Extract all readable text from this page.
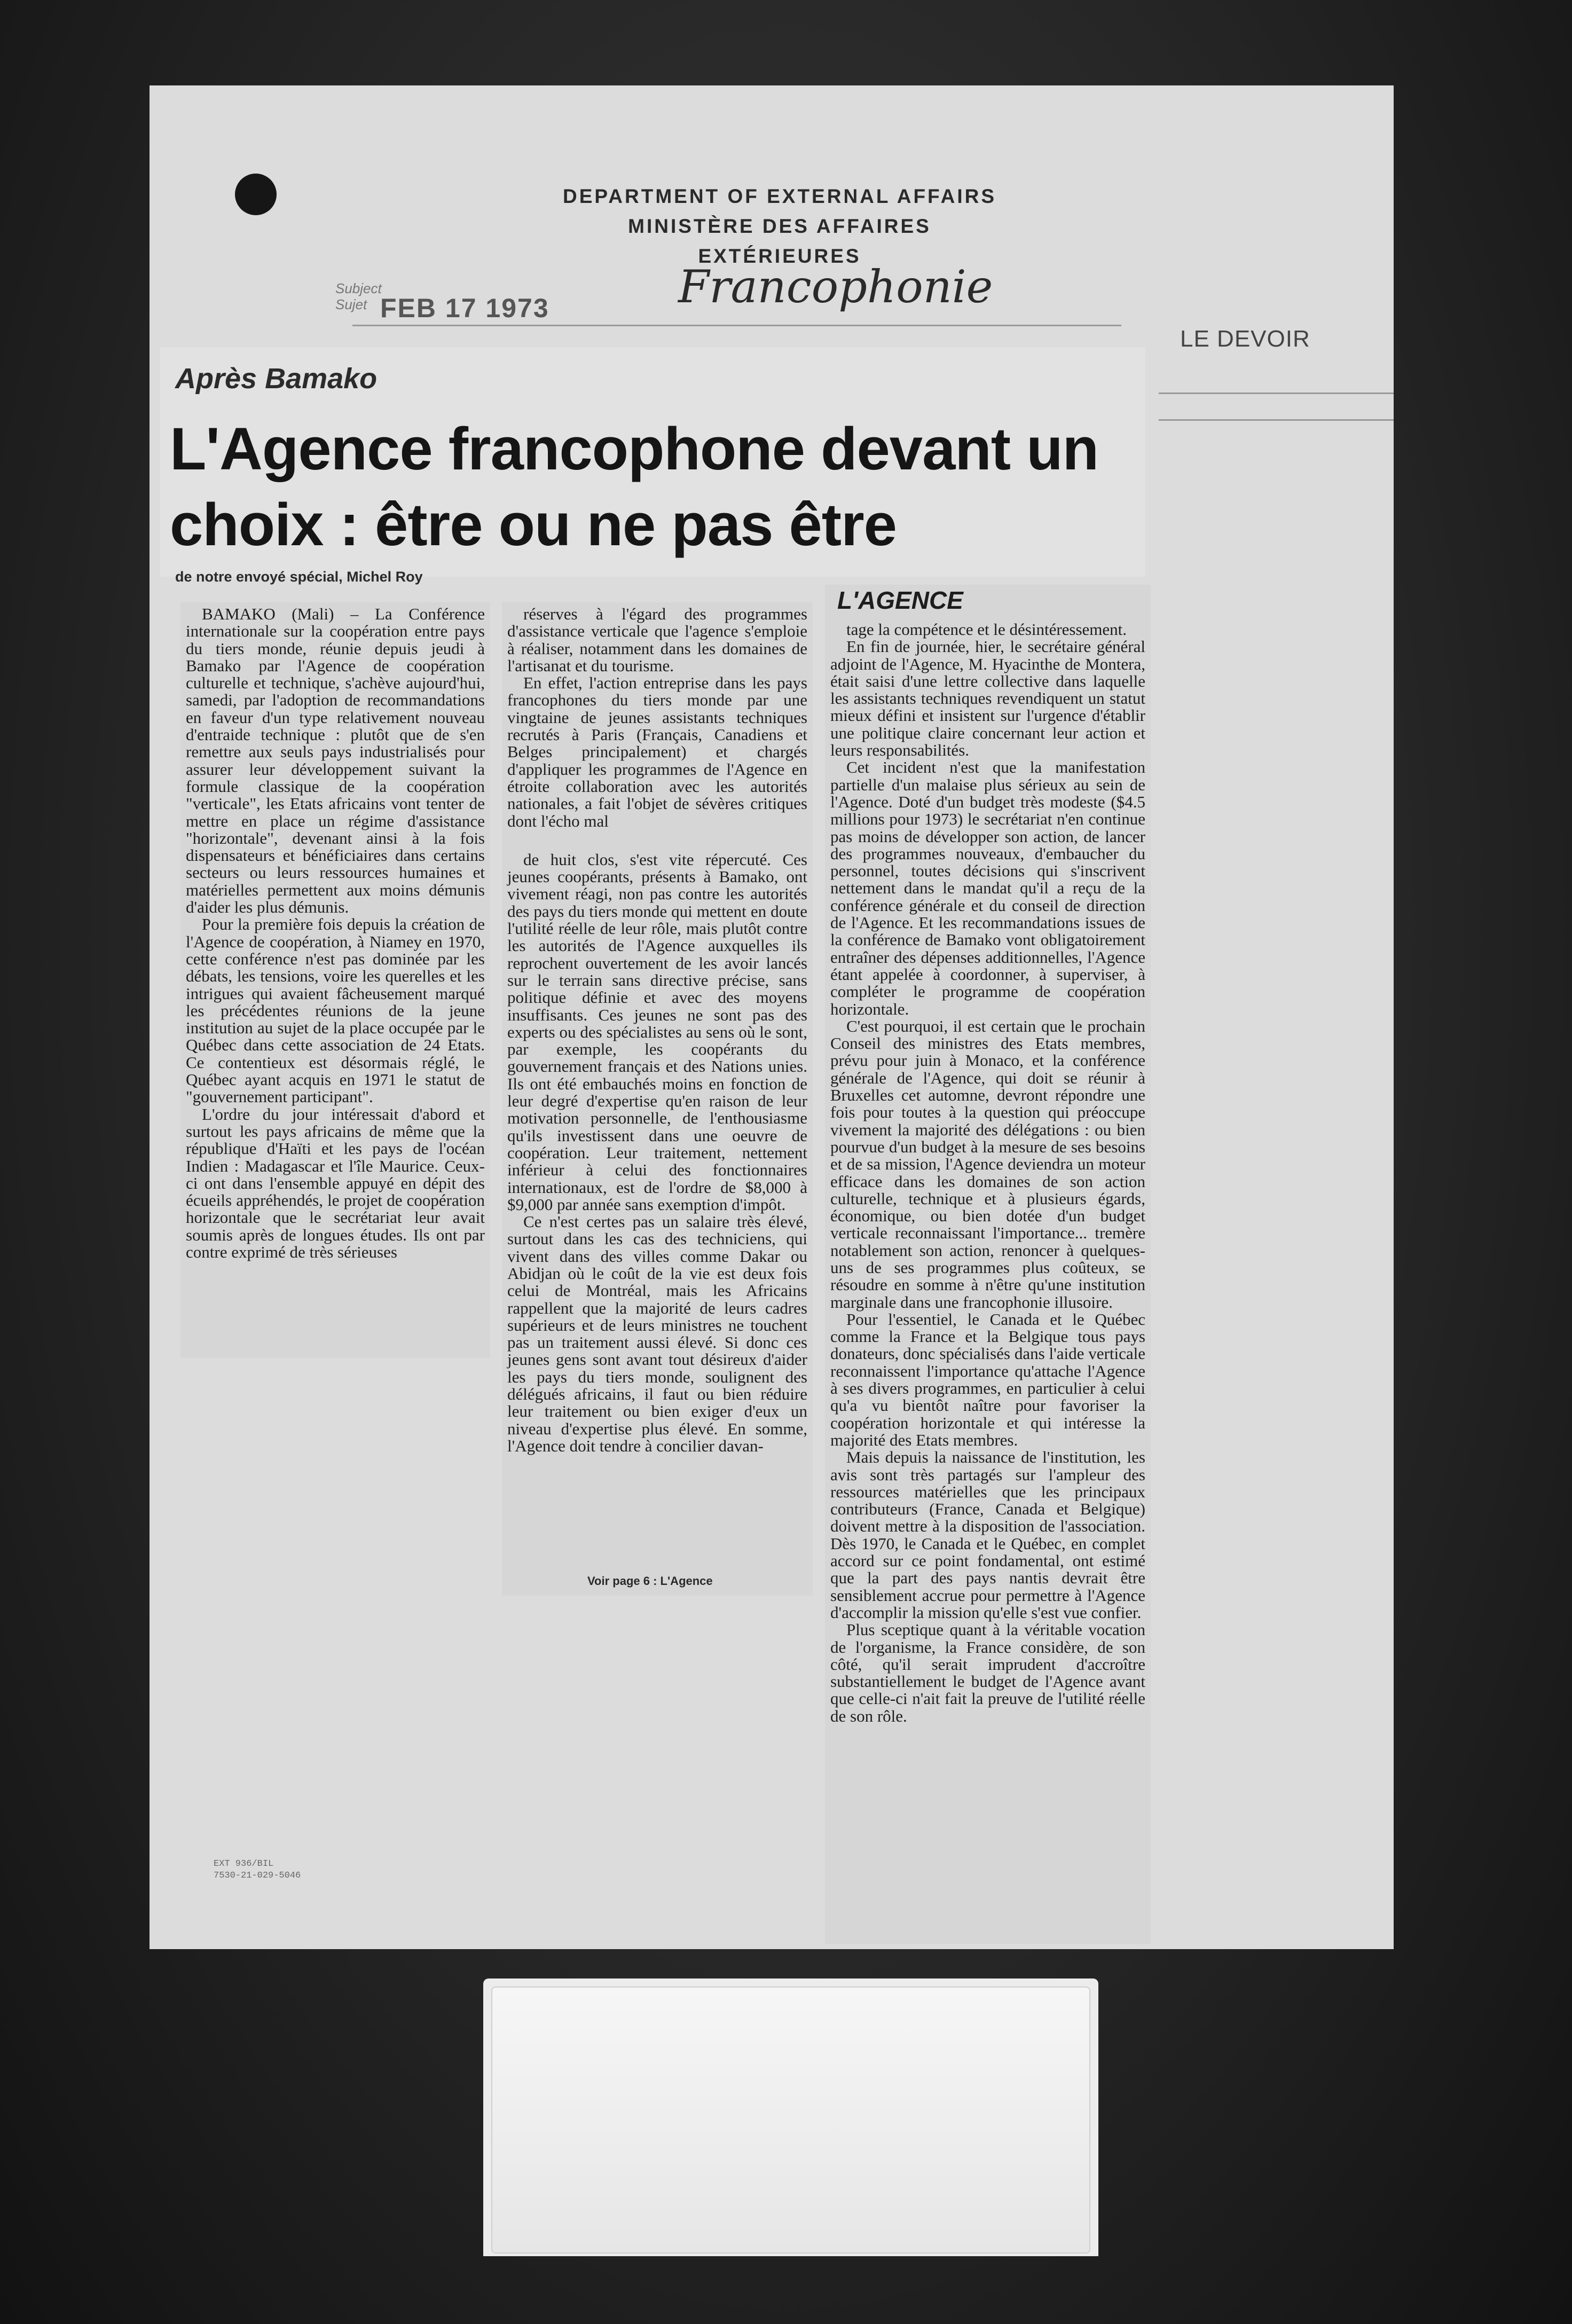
DEPARTMENT OF EXTERNAL AFFAIRS
MINISTÈRE DES AFFAIRES EXTÉRIEURES
Subject
Sujet FEB 17 1973	Francophonie
LE DEVOIR
Après Bamako
L'Agence francophone devant un choix : être ou ne pas être
de notre envoyé spécial, Michel Roy

BAMAKO (Mali) – La Conférence internationale sur la coopération entre pays du tiers monde, réunie depuis jeudi à Bamako par l'Agence de coopération culturelle et technique, s'achève aujourd'hui, samedi, par l'adoption de recommandations en faveur d'un type relativement nouveau d'entraide technique : plutôt que de s'en remettre aux seuls pays industrialisés pour assurer leur développement suivant la formule classique de la coopération "verticale", les Etats africains vont tenter de mettre en place un régime d'assistance "horizontale", devenant ainsi à la fois dispensateurs et bénéficiaires dans certains secteurs ou leurs ressources humaines et matérielles permettent aux moins démunis d'aider les plus démunis.

Pour la première fois depuis la création de l'Agence de coopération, à Niamey en 1970, cette conférence n'est pas dominée par les débats, les tensions, voire les querelles et les intrigues qui avaient fâcheusement marqué les précédentes réunions de la jeune institution au sujet de la place occupée par le Québec dans cette association de 24 Etats. Ce contentieux est désormais réglé, le Québec ayant acquis en 1971 le statut de "gouvernement participant".

L'ordre du jour intéressait d'abord et surtout les pays africains de même que la république d'Haïti et les pays de l'océan Indien : Madagascar et l'île Maurice. Ceux-ci ont dans l'ensemble appuyé en dépit des écueils appréhendés, le projet de coopération horizontale que le secrétariat leur avait soumis après de longues études. Ils ont par contre exprimé de très sérieuses

réserves à l'égard des programmes d'assistance verticale que l'agence s'emploie à réaliser, notamment dans les domaines de l'artisanat et du tourisme.

En effet, l'action entreprise dans les pays francophones du tiers monde par une vingtaine de jeunes assistants techniques recrutés à Paris (Français, Canadiens et Belges principalement) et chargés d'appliquer les programmes de l'Agence en étroite collaboration avec les autorités nationales, a fait l'objet de sévères critiques dont l'écho mal

de huit clos, s'est vite répercuté. Ces jeunes coopérants, présents à Bamako, ont vivement réagi, non pas contre les autorités des pays du tiers monde qui mettent en doute l'utilité réelle de leur rôle, mais plutôt contre les autorités de l'Agence auxquelles ils reprochent ouvertement de les avoir lancés sur le terrain sans directive précise, sans politique définie et avec des moyens insuffisants. Ces jeunes ne sont pas des experts ou des spécialistes au sens où le sont, par exemple, les coopérants du gouvernement français et des Nations unies. Ils ont été embauchés moins en fonction de leur degré d'expertise qu'en raison de leur motivation personnelle, de l'enthousiasme qu'ils investissent dans une oeuvre de coopération. Leur traitement, nettement inférieur à celui des fonctionnaires internationaux, est de l'ordre de $8,000 à $9,000 par année sans exemption d'impôt.

Ce n'est certes pas un salaire très élevé, surtout dans les cas des techniciens, qui vivent dans des villes comme Dakar ou Abidjan où le coût de la vie est deux fois celui de Montréal, mais les Africains rappellent que la majorité de leurs cadres supérieurs et de leurs ministres ne touchent pas un traitement aussi élevé. Si donc ces jeunes gens sont avant tout désireux d'aider les pays du tiers monde, soulignent des délégués africains, il faut ou bien réduire leur traitement ou bien exiger d'eux un niveau d'expertise plus élevé. En somme, l'Agence doit tendre à concilier davan-

Voir page 6 : L'Agence

tage la compétence et le désintéressement.

En fin de journée, hier, le secrétaire général adjoint de l'Agence, M. Hyacinthe de Montera, était saisi d'une lettre collective dans laquelle les assistants techniques revendiquent un statut mieux défini et insistent sur l'urgence d'établir une politique claire concernant leur action et leurs responsabilités.

Cet incident n'est que la manifestation partielle d'un malaise plus sérieux au sein de l'Agence. Doté d'un budget très modeste ($4.5 millions pour 1973) le secrétariat n'en continue pas moins de développer son action, de lancer des programmes nouveaux, d'embaucher du personnel, toutes décisions qui s'inscrivent nettement dans le mandat qu'il a reçu de la conférence générale et du conseil de direction de l'Agence. Et les recommandations issues de la conférence de Bamako vont obligatoirement entraîner des dépenses additionnelles, l'Agence étant appelée à coordonner, à superviser, à compléter le programme de coopération horizontale.

C'est pourquoi, il est certain que le prochain Conseil des ministres des Etats membres, prévu pour juin à Monaco, et la conférence générale de l'Agence, qui doit se réunir à Bruxelles cet automne, devront répondre une fois pour toutes à la question qui préoccupe vivement la majorité des délégations : ou bien pourvue d'un budget à la mesure de ses besoins et de sa mission, l'Agence deviendra un moteur efficace dans les domaines de son action culturelle, technique et à plusieurs égards, économique, ou bien dotée d'un budget verticale reconnaissant l'importance... tremère notablement son action, renoncer à quelques-uns de ses programmes plus coûteux, se résoudre en somme à n'être qu'une institution marginale dans une francophonie illusoire.

Pour l'essentiel, le Canada et le Québec comme la France et la Belgique tous pays donateurs, donc spécialisés dans l'aide verticale reconnaissent l'importance qu'attache l'Agence à ses divers programmes, en particulier à celui qu'a vu bientôt naître pour favoriser la coopération horizontale et qui intéresse la majorité des Etats membres.

Mais depuis la naissance de l'institution, les avis sont très partagés sur l'ampleur des ressources matérielles que les principaux contributeurs (France, Canada et Belgique) doivent mettre à la disposition de l'association. Dès 1970, le Canada et le Québec, en complet accord sur ce point fondamental, ont estimé que la part des pays nantis devrait être sensiblement accrue pour permettre à l'Agence d'accomplir la mission qu'elle s'est vue confier.

Plus sceptique quant à la véritable vocation de l'organisme, la France considère, de son côté, qu'il serait imprudent d'accroître substantiellement le budget de l'Agence avant que celle-ci n'ait fait la preuve de l'utilité réelle de son rôle.

L'AGENCE
EXT 936/BIL
7530-21-029-5046
